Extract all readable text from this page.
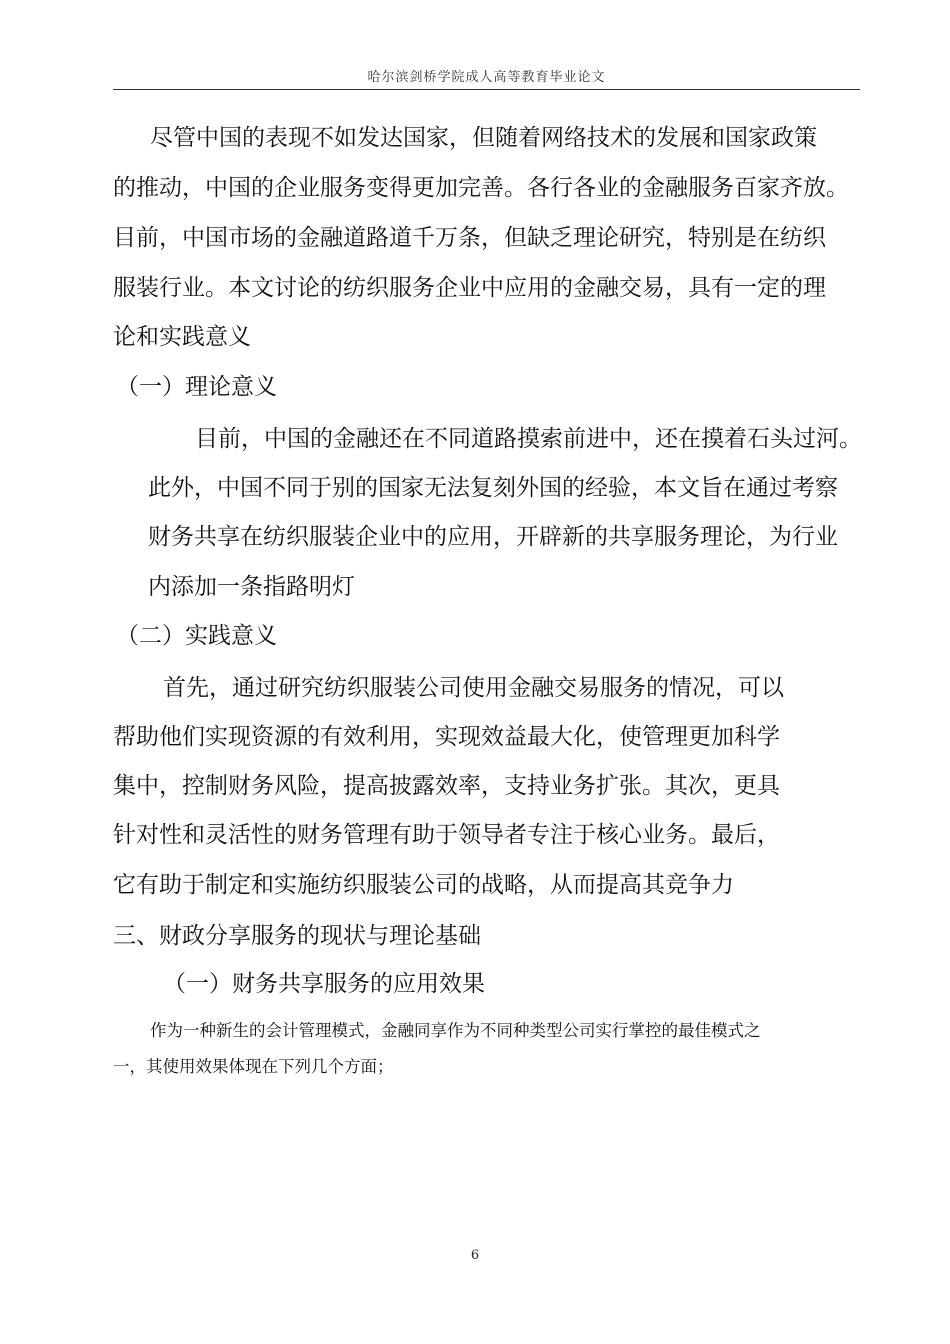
哈尔滨剑桥学院成人高等教育毕业论文
尽管中国的表现不如发达国家，但随着网络技术的发展和国家政策
的推动，中国的企业服务变得更加完善。各行各业的金融服务百家齐放。
目前，中国市场的金融道路道千万条，但缺乏理论研究，特别是在纺织
服装行业。本文讨论的纺织服务企业中应用的金融交易，具有一定的理
论和实践意义
（一）理论意义
目前，中国的金融还在不同道路摸索前进中，还在摸着石头过河。
此外，中国不同于别的国家无法复刻外国的经验，本文旨在通过考察
财务共享在纺织服装企业中的应用，开辟新的共享服务理论，为行业
内添加一条指路明灯
（二）实践意义
首先，通过研究纺织服装公司使用金融交易服务的情况，可以
帮助他们实现资源的有效利用，实现效益最大化，使管理更加科学
集中，控制财务风险，提高披露效率，支持业务扩张。其次，更具
针对性和灵活性的财务管理有助于领导者专注于核心业务。最后，
它有助于制定和实施纺织服装公司的战略，从而提高其竞争力
三、财政分享服务的现状与理论基础
（一）财务共享服务的应用效果
作为一种新生的会计管理模式，金融同享作为不同种类型公司实行掌控的最佳模式之
一，其使用效果体现在下列几个方面；
6
